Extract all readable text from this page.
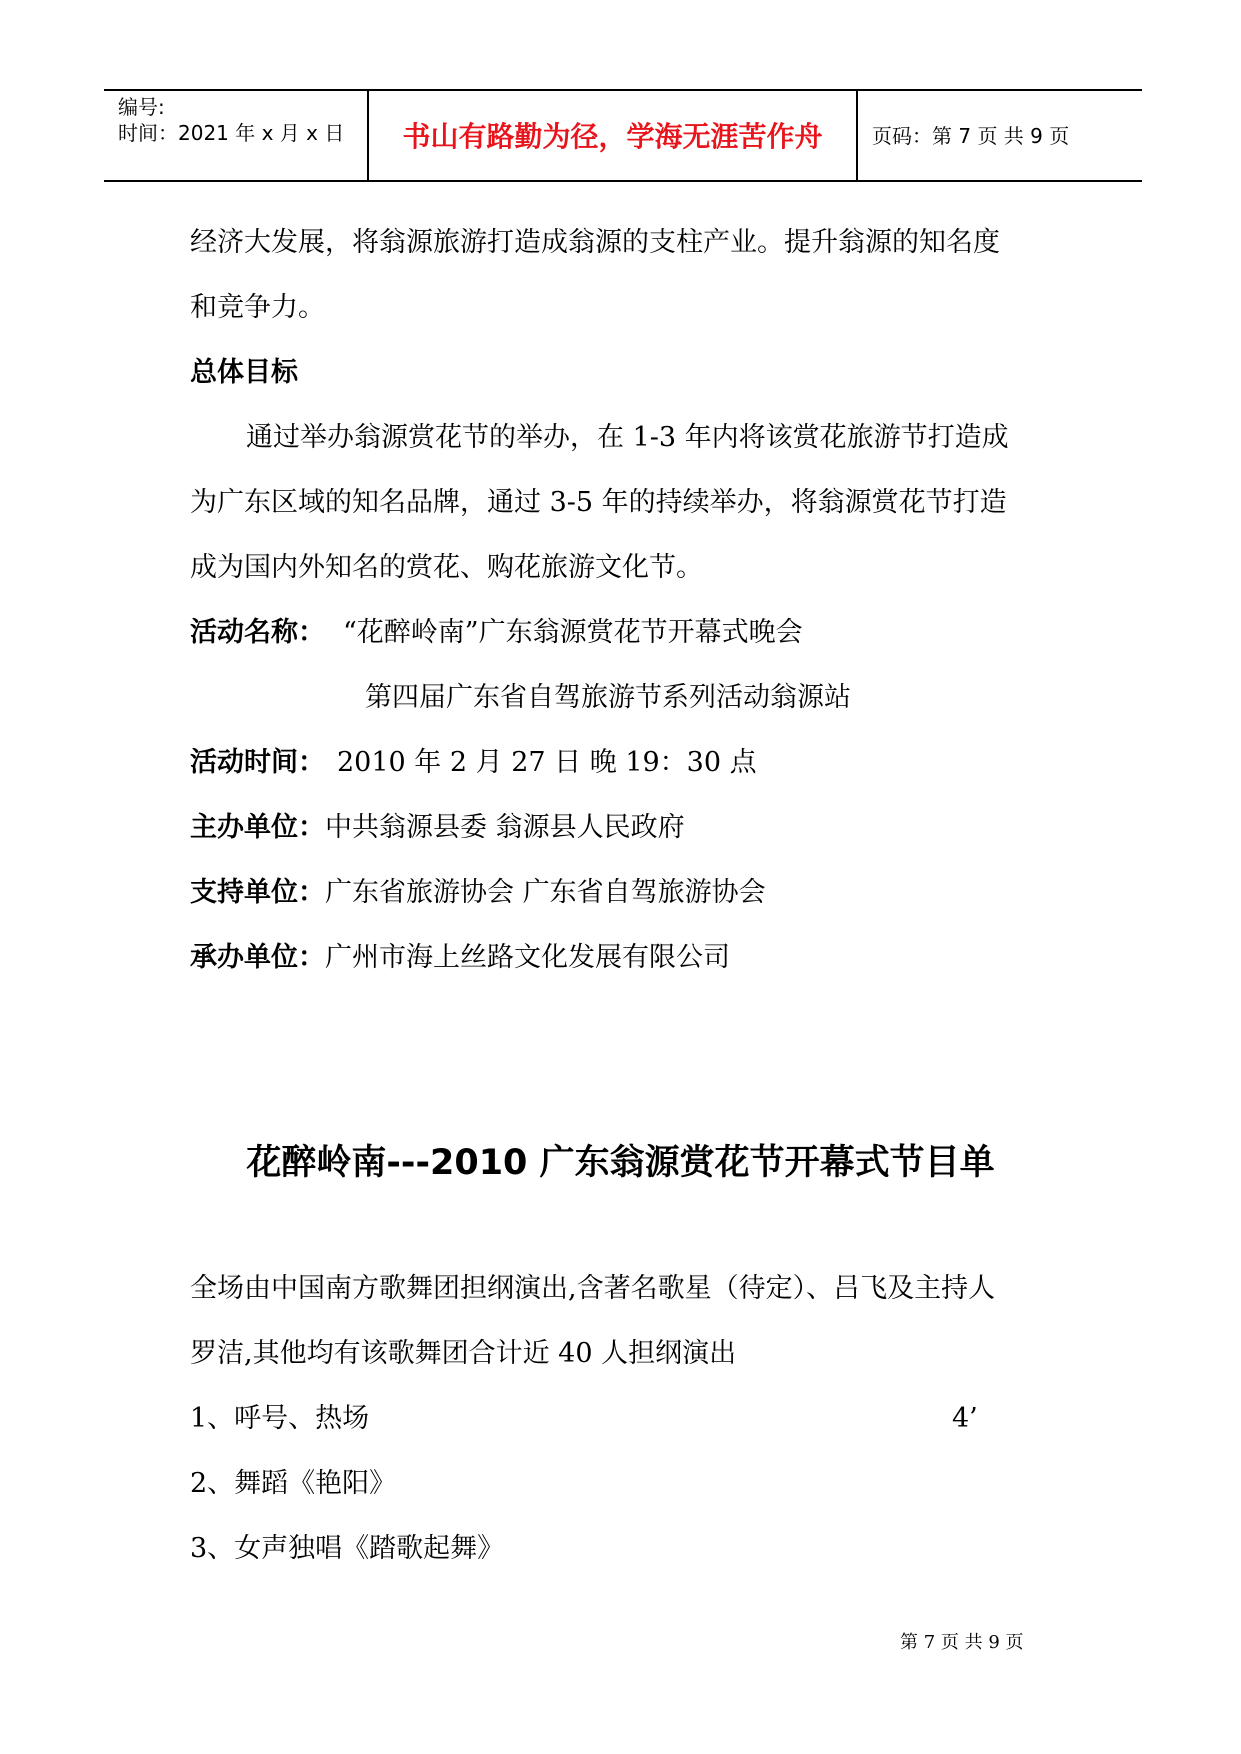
编号:
时间：2021 年 x 月 x 日	书山有路勤为径，学海无涯苦作舟	页码：第 7 页 共 9 页
经济大发展，将翁源旅游打造成翁源的支柱产业。提升翁源的知名度
和竞争力。
总体目标
通过举办翁源赏花节的举办，在 1-3 年内将该赏花旅游节打造成
为广东区域的知名品牌，通过 3-5 年的持续举办，将翁源赏花节打造
成为国内外知名的赏花、购花旅游文化节。
活动名称： “花醉岭南”广东翁源赏花节开幕式晚会
第四届广东省自驾旅游节系列活动翁源站
活动时间： 2010 年 2 月 27 日 晚 19：30 点
主办单位：中共翁源县委 翁源县人民政府
支持单位：广东省旅游协会 广东省自驾旅游协会
承办单位：广州市海上丝路文化发展有限公司
花醉岭南---2010 广东翁源赏花节开幕式节目单
全场由中国南方歌舞团担纲演出,含著名歌星（待定）、吕飞及主持人
罗洁,其他均有该歌舞团合计近 40 人担纲演出
1、呼号、热场	4’
2、舞蹈《艳阳》
3、女声独唱《踏歌起舞》
第 7 页 共 9 页
